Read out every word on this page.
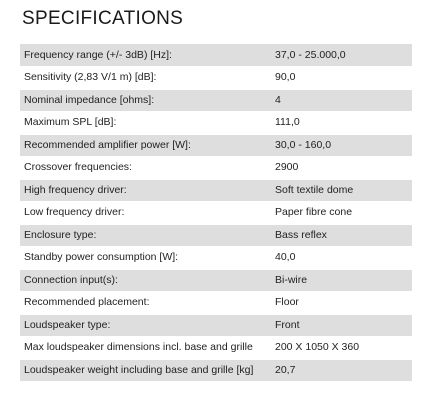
SPECIFICATIONS
Frequency range (+/- 3dB) [Hz]:	37,0 - 25.000,0
Sensitivity (2,83 V/1 m) [dB]:	90,0
Nominal impedance [ohms]:	4
Maximum SPL [dB]:	111,0
Recommended amplifier power [W]:	30,0 - 160,0
Crossover frequencies:	2900
High frequency driver:	Soft textile dome
Low frequency driver:	Paper fibre cone
Enclosure type:	Bass reflex
Standby power consumption [W]:	40,0
Connection input(s):	Bi-wire
Recommended placement:	Floor
Loudspeaker type:	Front
Max loudspeaker dimensions incl. base and grille	200 X 1050 X 360
Loudspeaker weight including base and grille [kg]	20,7
